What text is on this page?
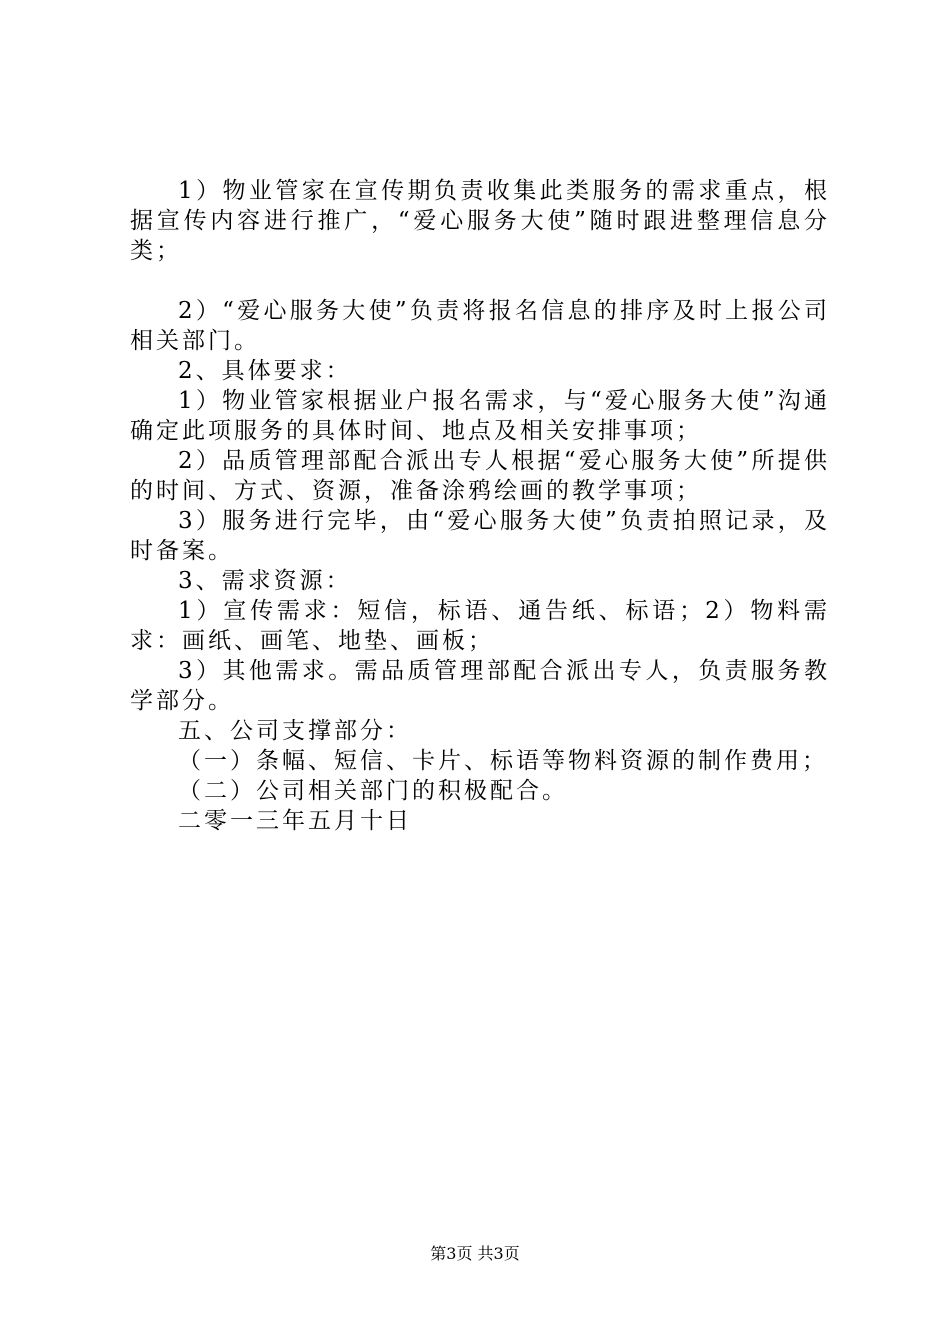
1）物业管家在宣传期负责收集此类服务的需求重点，根据宣传内容进行推广，“爱心服务大使”随时跟进整理信息分类；

2）“爱心服务大使”负责将报名信息的排序及时上报公司相关部门。

2、具体要求：

1）物业管家根据业户报名需求，与“爱心服务大使”沟通确定此项服务的具体时间、地点及相关安排事项；

2）品质管理部配合派出专人根据“爱心服务大使”所提供的时间、方式、资源，准备涂鸦绘画的教学事项；

3）服务进行完毕，由“爱心服务大使”负责拍照记录，及时备案。

3、需求资源：

1）宣传需求：短信，标语、通告纸、标语；2）物料需求：画纸、画笔、地垫、画板；

3）其他需求。需品质管理部配合派出专人，负责服务教学部分。

五、公司支撑部分：

（一）条幅、短信、卡片、标语等物料资源的制作费用；

（二）公司相关部门的积极配合。

二零一三年五月十日

第3页 共3页
